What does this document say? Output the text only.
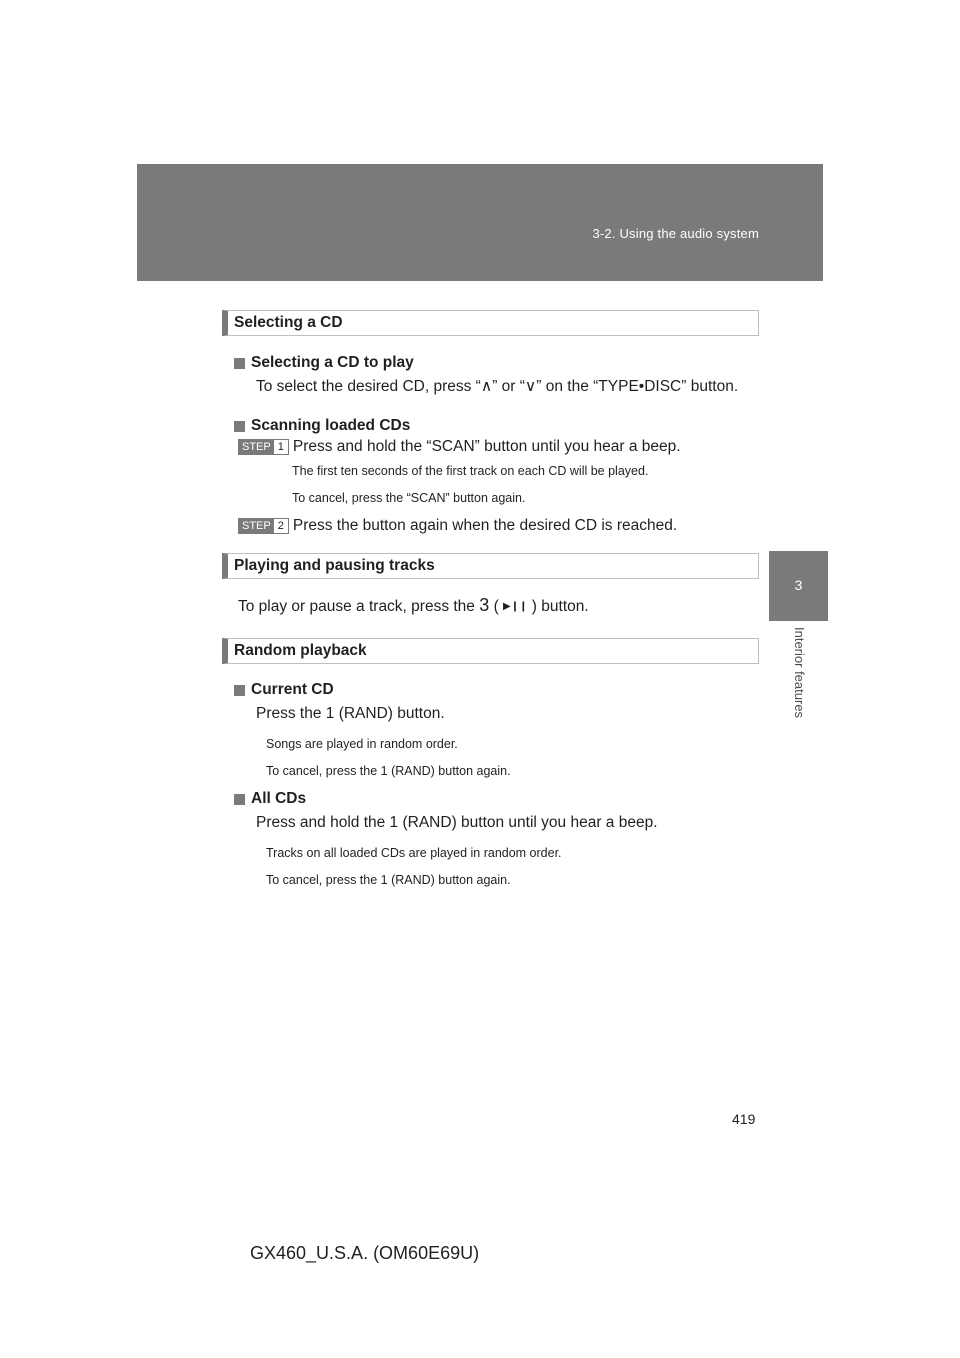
3-2. Using the audio system
3
Interior features
Selecting a CD
Selecting a CD to play
To select the desired CD, press “∧” or “∨” on the “TYPE•DISC” button.
Scanning loaded CDs
STEP 1 Press and hold the “SCAN” button until you hear a beep.
The first ten seconds of the first track on each CD will be played.
To cancel, press the “SCAN” button again.
STEP 2 Press the button again when the desired CD is reached.
Playing and pausing tracks
To play or pause a track, press the 3 ( ▶❙❙ ) button.
Random playback
Current CD
Press the 1 (RAND) button.
Songs are played in random order.
To cancel, press the 1 (RAND) button again.
All CDs
Press and hold the 1 (RAND) button until you hear a beep.
Tracks on all loaded CDs are played in random order.
To cancel, press the 1 (RAND) button again.
419
GX460_U.S.A. (OM60E69U)
